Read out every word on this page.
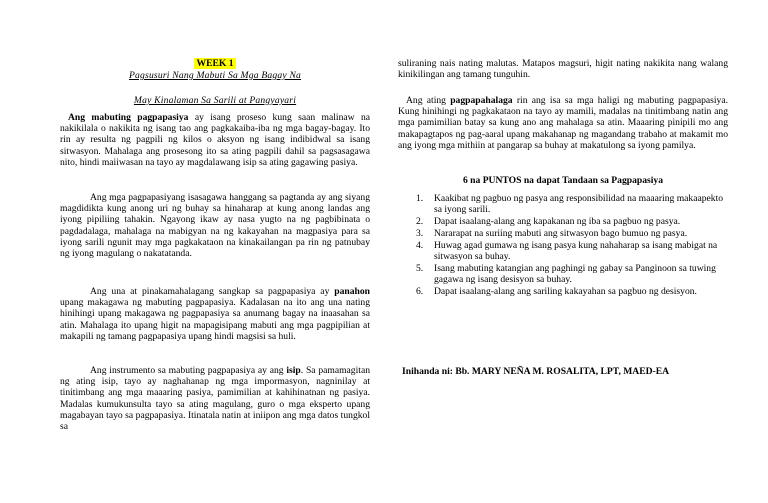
WEEK 1
Pagsusuri Nang Mabuti Sa Mga Bagay Na
May Kinalaman Sa Sarili at Pangyayari

Ang mabuting pagpapasiya ay isang proseso kung saan malinaw na nakikilala o nakikita ng isang tao ang pagkakaiba-iba ng mga bagay-bagay. Ito rin ay resulta ng pagpili ng kilos o aksyon ng isang indibidwal sa isang sitwasyon. Mahalaga ang prosesong ito sa ating pagpili dahil sa pagsasagawa nito, hindi maiiwasan na tayo ay magdalawang isip sa ating gagawing pasiya.

Ang mga pagpapasiyang isasagawa hanggang sa pagtanda ay ang siyang magdidikta kung anong uri ng buhay sa hinaharap at kung anong landas ang iyong pipiliing tahakin. Ngayong ikaw ay nasa yugto na ng pagbibinata o pagdadalaga, mahalaga na mabigyan na ng kakayahan na magpasiya para sa iyong sarili ngunit may mga pagkakataon na kinakailangan pa rin ng patnubay ng iyong magulang o nakatatanda.

Ang una at pinakamahalagang sangkap sa pagpapasiya ay panahon upang makagawa ng mabuting pagpapasiya. Kadalasan na ito ang una nating hinihingi upang makagawa ng pagpapasiya sa anumang bagay na inaasahan sa atin. Mahalaga ito upang higit na mapagisipang mabuti ang mga pagpipilian at makapili ng tamang pagpapasiya upang hindi magsisi sa huli.

Ang instrumento sa mabuting pagpapasiya ay ang isip. Sa pamamagitan ng ating isip, tayo ay naghahanap ng mga impormasyon, nagninilay at tinitimbang ang mga maaaring pasiya, pamimilian at kahihinatnan ng pasiya. Madalas kumukunsulta tayo sa ating magulang, guro o mga eksperto upang magabayan tayo sa pagpapasiya. Itinatala natin at iniipon ang mga datos tungkol sa

suliraning nais nating malutas. Matapos magsuri, higit nating nakikita nang walang kinikilingan ang tamang tunguhin.

Ang ating pagpapahalaga rin ang isa sa mga haligi ng mabuting pagpapasiya. Kung hinihingi ng pagkakataon na tayo ay mamili, madalas na tinitimbang natin ang mga pamimilian batay sa kung ano ang mahalaga sa atin. Maaaring pinipili mo ang makapagtapos ng pag-aaral upang makahanap ng magandang trabaho at makamit mo ang iyong mga mithiin at pangarap sa buhay at makatulong sa iyong pamilya.

6 na PUNTOS na dapat Tandaan sa Pagpapasiya
1.	Kaakibat ng pagbuo ng pasya ang responsibilidad na maaaring makaapekto sa iyong sarili.
2.	Dapat isaalang-alang ang kapakanan ng iba sa pagbuo ng pasya.
3.	Nararapat na suriing mabuti ang sitwasyon bago bumuo ng pasya.
4.	Huwag agad gumawa ng isang pasya kung nahaharap sa isang mabigat na sitwasyon sa buhay.
5.	Isang mabuting katangian ang paghingi ng gabay sa Panginoon sa tuwing gagawa ng isang desisyon sa buhay.
6.	Dapat isaalang-alang ang sariling kakayahan sa pagbuo ng desisyon.
Inihanda ni: Bb. MARY NEÑA M. ROSALITA, LPT, MAED-EA
